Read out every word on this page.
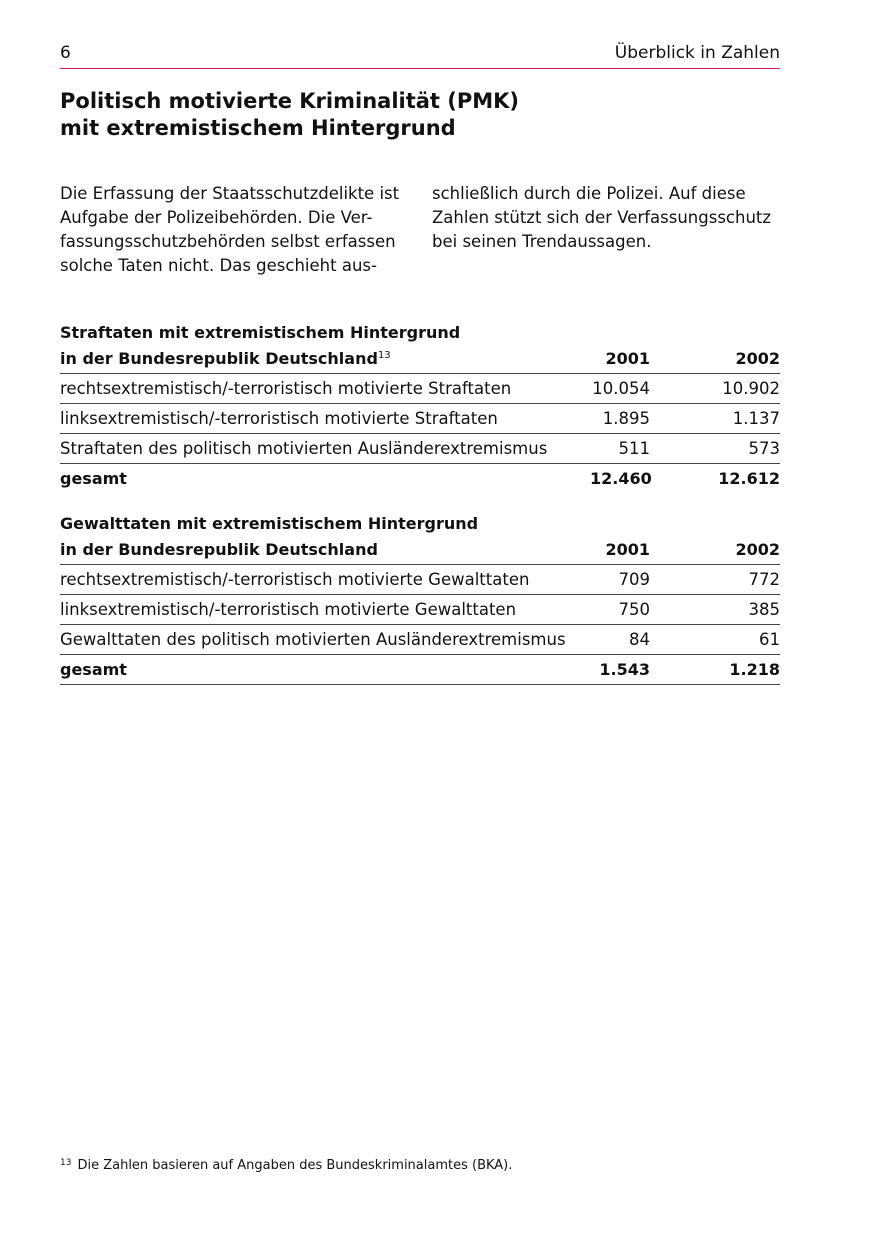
6	Überblick in Zahlen
Politisch motivierte Kriminalität (PMK)
mit extremistischem Hintergrund
Die Erfassung der Staatsschutzdelikte ist
Aufgabe der Polizeibehörden. Die Ver-
fassungsschutzbehörden selbst erfassen
solche Taten nicht. Das geschieht aus-
schließlich durch die Polizei. Auf diese
Zahlen stützt sich der Verfassungsschutz
bei seinen Trendaussagen.
Straftaten mit extremistischem Hintergrund		
in der Bundesrepublik Deutschland$^{13}$	2001	2002
rechtsextremistisch/-terroristisch motivierte Straftaten	10.054	10.902
linksextremistisch/-terroristisch motivierte Straftaten	1.895	1.137
Straftaten des politisch motivierten Ausländerextremismus	511	573
gesamt	12.460	12.612
Gewalttaten mit extremistischem Hintergrund		
in der Bundesrepublik Deutschland	2001	2002
rechtsextremistisch/-terroristisch motivierte Gewalttaten	709	772
linksextremistisch/-terroristisch motivierte Gewalttaten	750	385
Gewalttaten des politisch motivierten Ausländerextremismus	84	61
gesamt	1.543	1.218
$^{13}$ Die Zahlen basieren auf Angaben des Bundeskriminalamtes (BKA).
